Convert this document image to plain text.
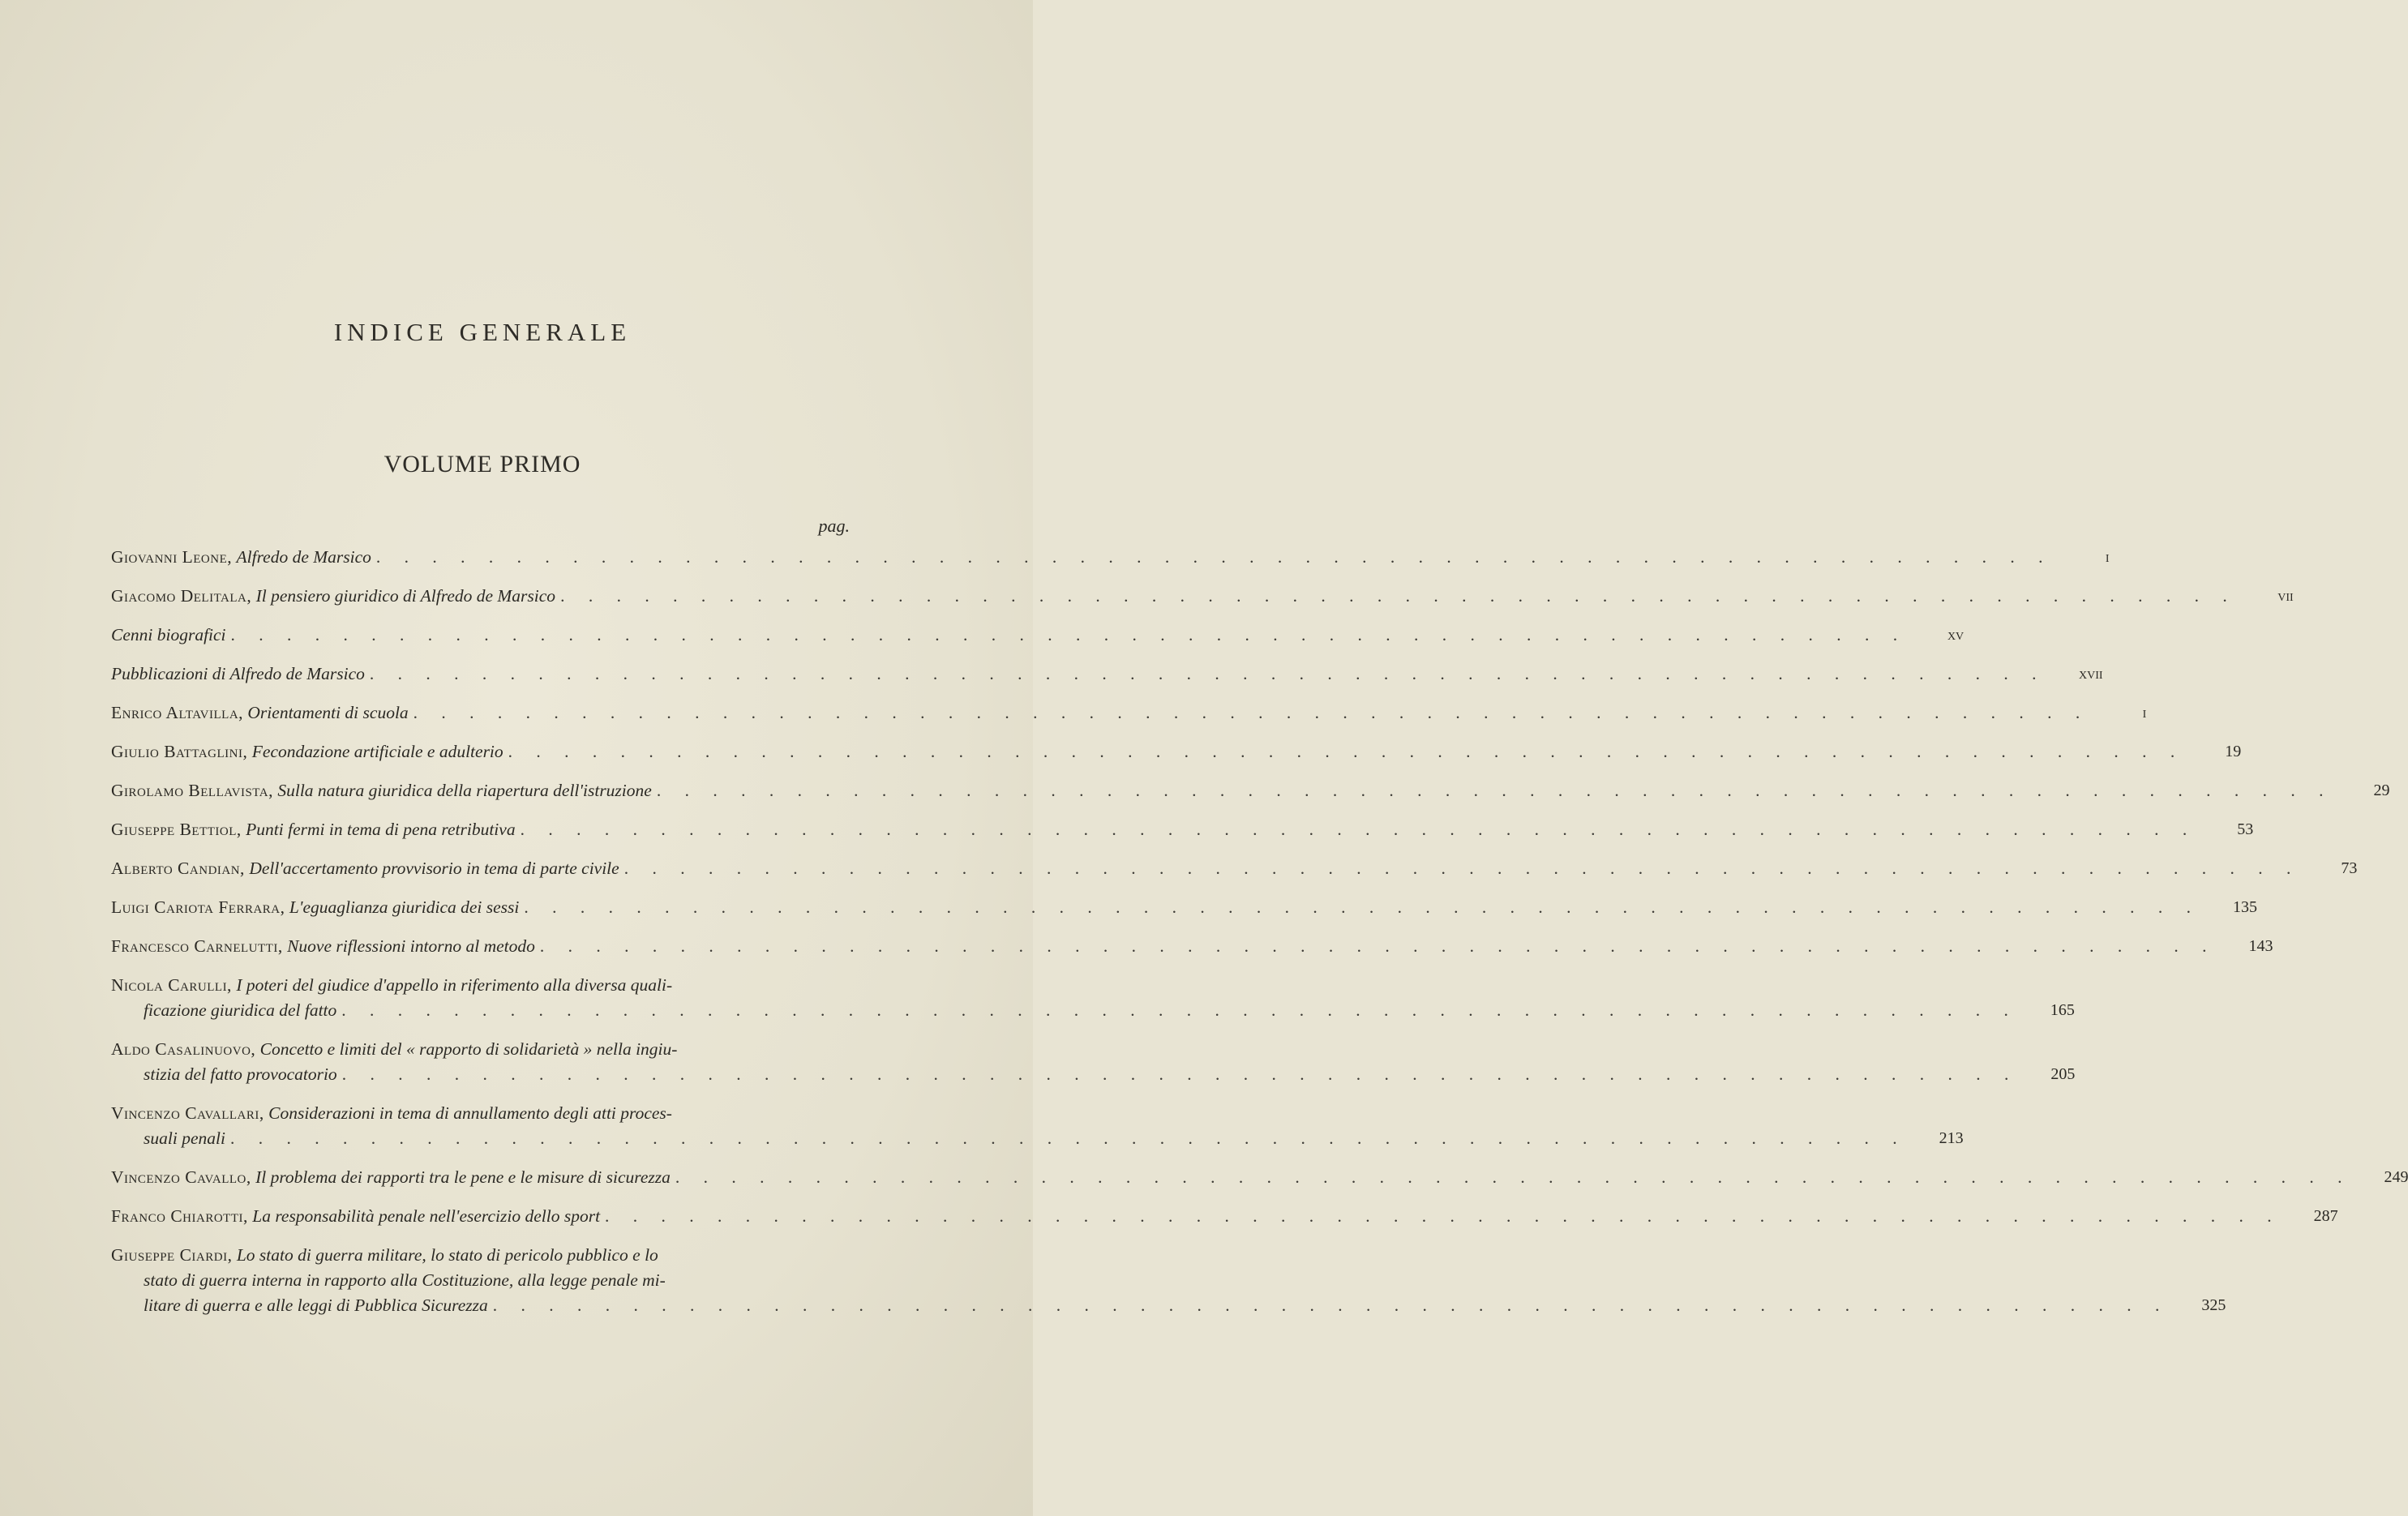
INDICE GENERALE
VOLUME PRIMO
pag.
Giovanni Leone, Alfredo de Marsico . . . . . . . . . . . . . . . . . . . . . . . . . . . . . . . . . . . . . . . . . . . . . . . . . . . . . . . . . . . .	i
Giacomo Delitala, Il pensiero giuridico di Alfredo de Marsico . . . . . . . . . . . . . . . . . . . . . . . . . . . . . . . . . . . . . . . . . . . . . . . . . . . . . . . . . . . .	vii
Cenni biografici . . . . . . . . . . . . . . . . . . . . . . . . . . . . . . . . . . . . . . . . . . . . . . . . . . . . . . . . . . . .	xv
Pubblicazioni di Alfredo de Marsico . . . . . . . . . . . . . . . . . . . . . . . . . . . . . . . . . . . . . . . . . . . . . . . . . . . . . . . . . . . .	xvii
Enrico Altavilla, Orientamenti di scuola . . . . . . . . . . . . . . . . . . . . . . . . . . . . . . . . . . . . . . . . . . . . . . . . . . . . . . . . . . . .	i
Giulio Battaglini, Fecondazione artificiale e adulterio . . . . . . . . . . . . . . . . . . . . . . . . . . . . . . . . . . . . . . . . . . . . . . . . . . . . . . . . . . . .	19
Girolamo Bellavista, Sulla natura giuridica della riapertura dell'istruzione . . . . . . . . . . . . . . . . . . . . . . . . . . . . . . . . . . . . . . . . . . . . . . . . . . . . . . . . . . . .	29
Giuseppe Bettiol, Punti fermi in tema di pena retributiva . . . . . . . . . . . . . . . . . . . . . . . . . . . . . . . . . . . . . . . . . . . . . . . . . . . . . . . . . . . .	53
Alberto Candian, Dell'accertamento provvisorio in tema di parte civile . . . . . . . . . . . . . . . . . . . . . . . . . . . . . . . . . . . . . . . . . . . . . . . . . . . . . . . . . . . .	73
Luigi Cariota Ferrara, L'eguaglianza giuridica dei sessi . . . . . . . . . . . . . . . . . . . . . . . . . . . . . . . . . . . . . . . . . . . . . . . . . . . . . . . . . . . .	135
Francesco Carnelutti, Nuove riflessioni intorno al metodo . . . . . . . . . . . . . . . . . . . . . . . . . . . . . . . . . . . . . . . . . . . . . . . . . . . . . . . . . . . .	143
Nicola Carulli, I poteri del giudice d'appello in riferimento alla diversa quali-
ficazione giuridica del fatto . . . . . . . . . . . . . . . . . . . . . . . . . . . . . . . . . . . . . . . . . . . . . . . . . . . . . . . . . . . .	165
Aldo Casalinuovo, Concetto e limiti del « rapporto di solidarietà » nella ingiu-
stizia del fatto provocatorio . . . . . . . . . . . . . . . . . . . . . . . . . . . . . . . . . . . . . . . . . . . . . . . . . . . . . . . . . . . .	205
Vincenzo Cavallari, Considerazioni in tema di annullamento degli atti proces-
suali penali . . . . . . . . . . . . . . . . . . . . . . . . . . . . . . . . . . . . . . . . . . . . . . . . . . . . . . . . . . . .	213
Vincenzo Cavallo, Il problema dei rapporti tra le pene e le misure di sicurezza . . . . . . . . . . . . . . . . . . . . . . . . . . . . . . . . . . . . . . . . . . . . . . . . . . . . . . . . . . . .	249
Franco Chiarotti, La responsabilità penale nell'esercizio dello sport . . . . . . . . . . . . . . . . . . . . . . . . . . . . . . . . . . . . . . . . . . . . . . . . . . . . . . . . . . . .	287
Giuseppe Ciardi, Lo stato di guerra militare, lo stato di pericolo pubblico e lo
stato di guerra interna in rapporto alla Costituzione, alla legge penale mi-
litare di guerra e alle leggi di Pubblica Sicurezza . . . . . . . . . . . . . . . . . . . . . . . . . . . . . . . . . . . . . . . . . . . . . . . . . . . . . . . . . . . .	325
